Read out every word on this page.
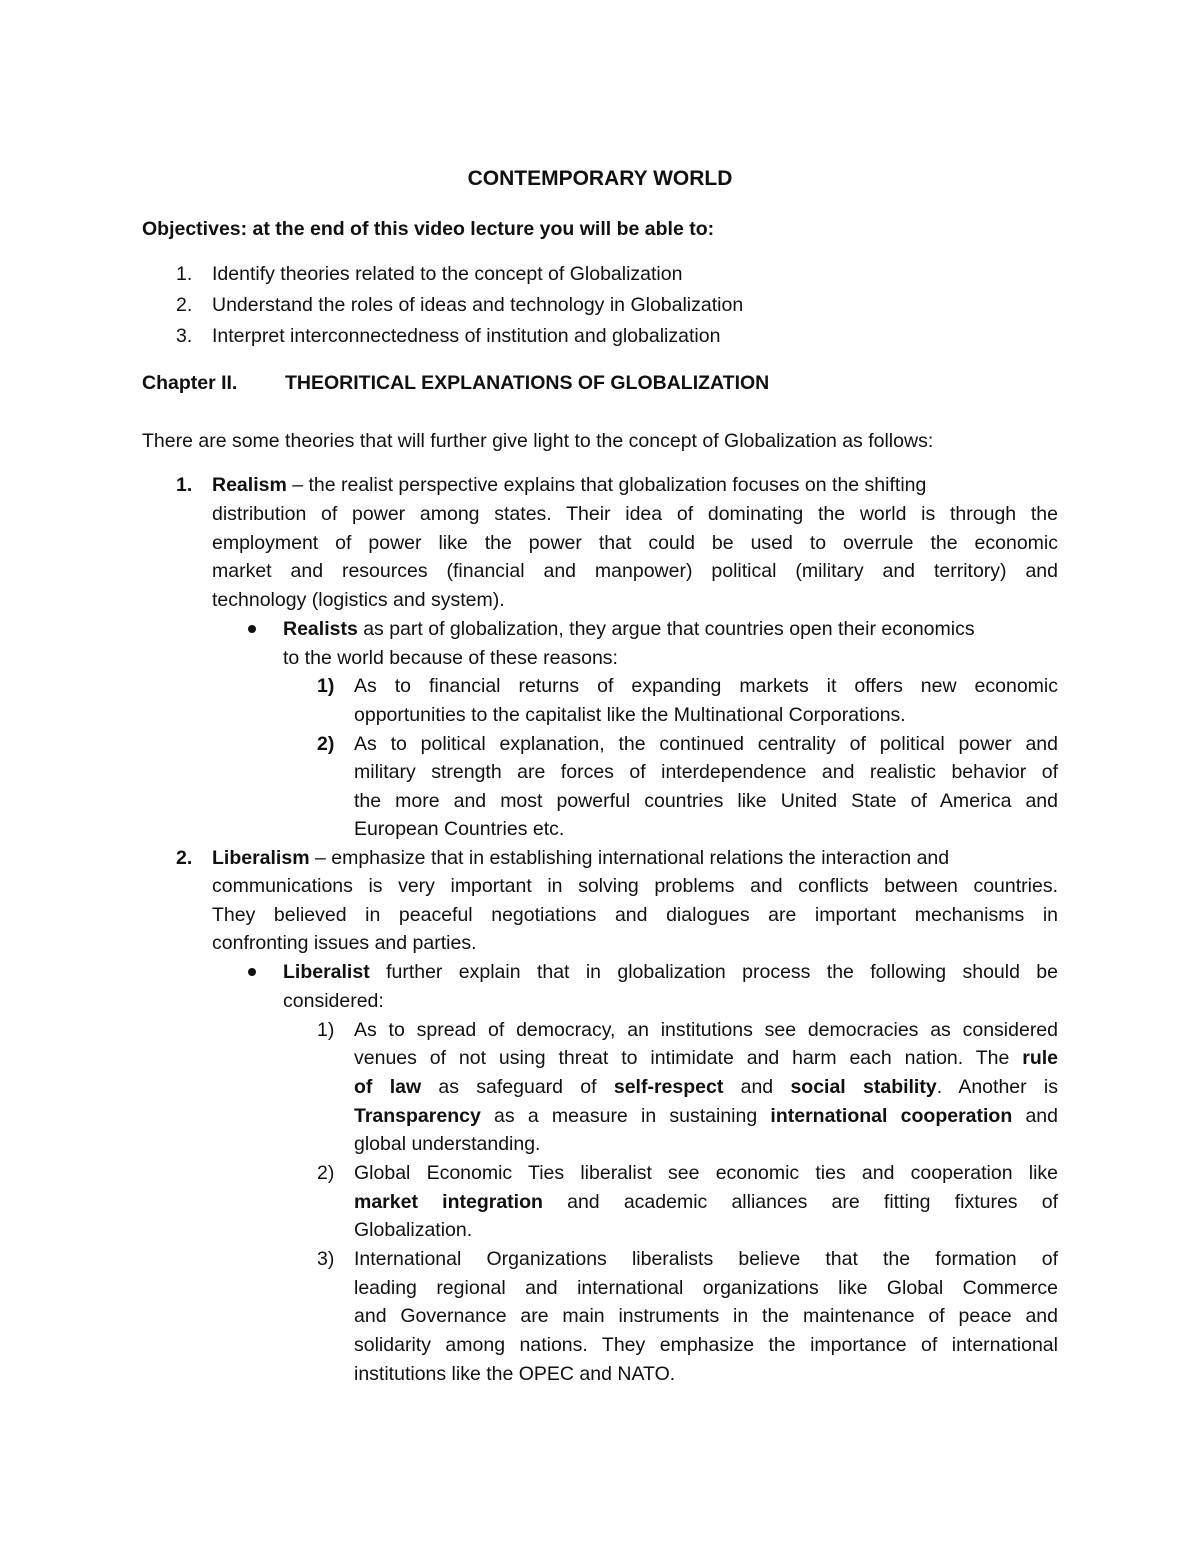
CONTEMPORARY WORLD
Objectives: at the end of this video lecture you will be able to:
1. Identify theories related to the concept of Globalization
2. Understand the roles of ideas and technology in Globalization
3. Interpret interconnectedness of institution and globalization
Chapter II. THEORITICAL EXPLANATIONS OF GLOBALIZATION
There are some theories that will further give light to the concept of Globalization as follows:
1. Realism – the realist perspective explains that globalization focuses on the shifting
distribution of power among states. Their idea of dominating the world is through the
employment of power like the power that could be used to overrule the economic
market and resources (financial and manpower) political (military and territory) and
technology (logistics and system).
Realists as part of globalization, they argue that countries open their economics
to the world because of these reasons:
1) As to financial returns of expanding markets it offers new economic
opportunities to the capitalist like the Multinational Corporations.
2) As to political explanation, the continued centrality of political power and
military strength are forces of interdependence and realistic behavior of
the more and most powerful countries like United State of America and
European Countries etc.
2. Liberalism – emphasize that in establishing international relations the interaction and
communications is very important in solving problems and conflicts between countries.
They believed in peaceful negotiations and dialogues are important mechanisms in
confronting issues and parties.
Liberalist further explain that in globalization process the following should be
considered:
1) As to spread of democracy, an institutions see democracies as considered
venues of not using threat to intimidate and harm each nation. The rule
of law as safeguard of self-respect and social stability. Another is
Transparency as a measure in sustaining international cooperation and
global understanding.
2) Global Economic Ties liberalist see economic ties and cooperation like
market integration and academic alliances are fitting fixtures of
Globalization.
3) International Organizations liberalists believe that the formation of
leading regional and international organizations like Global Commerce
and Governance are main instruments in the maintenance of peace and
solidarity among nations. They emphasize the importance of international
institutions like the OPEC and NATO.
